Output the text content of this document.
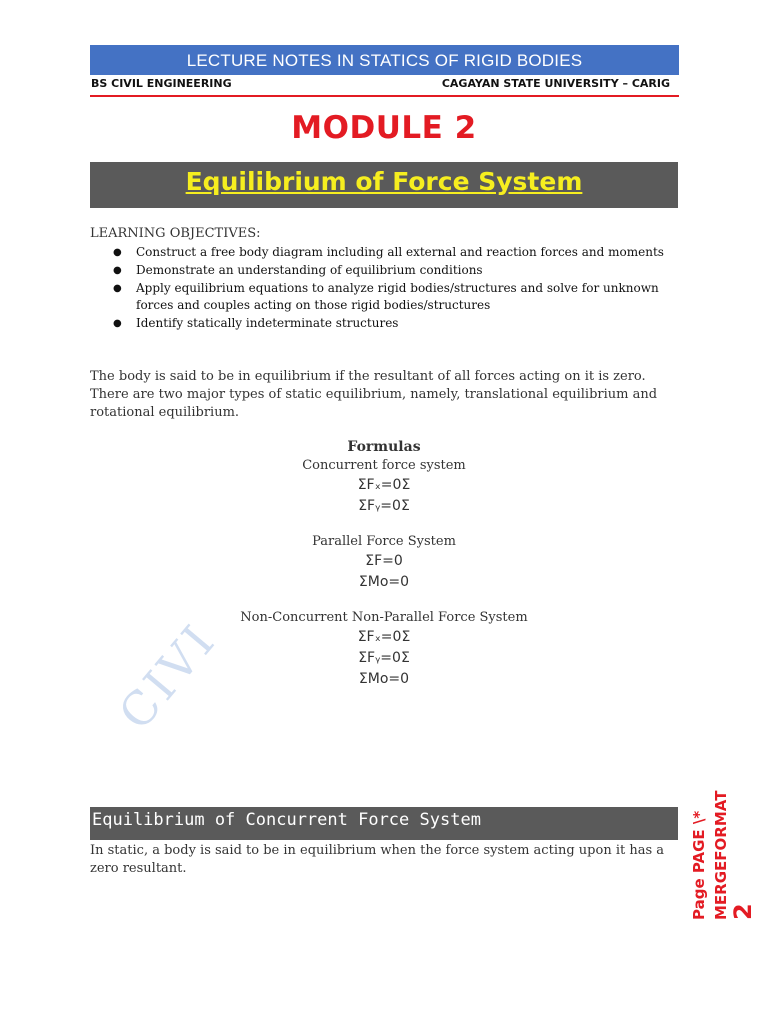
LECTURE NOTES IN STATICS OF RIGID BODIES
BS CIVIL ENGINEERING	CAGAYAN STATE UNIVERSITY – CARIG
MODULE 2
Equilibrium of Force System
LEARNING OBJECTIVES:
● Construct a free body diagram including all external and reaction forces and moments
● Demonstrate an understanding of equilibrium conditions
● Apply equilibrium equations to analyze rigid bodies/structures and solve for unknown forces and couples acting on those rigid bodies/structures
● Identify statically indeterminate structures
The body is said to be in equilibrium if the resultant of all forces acting on it is zero. There are two major types of static equilibrium, namely, translational equilibrium and rotational equilibrium.
Formulas
Concurrent force system
ΣFₓ=0Σ
ΣFᵧ=0Σ
Parallel Force System
ΣF=0
ΣMo=0
Non-Concurrent Non-Parallel Force System
ΣFₓ=0Σ
ΣFᵧ=0Σ
ΣMo=0
CIVI
Equilibrium of Concurrent Force System
In static, a body is said to be in equilibrium when the force system acting upon it has a zero resultant.	Page PAGE \* MERGEFORMAT 2
